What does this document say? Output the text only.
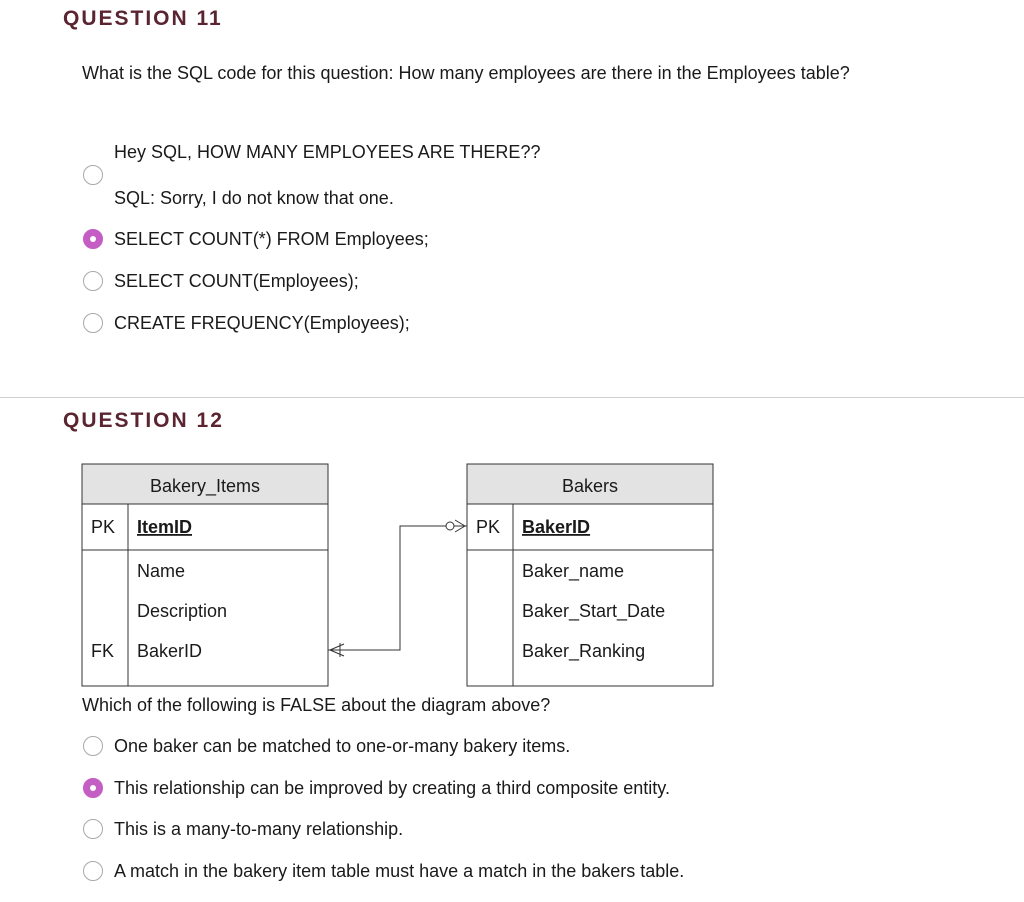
QUESTION 11
What is the SQL code for this question: How many employees are there in the Employees table?
Hey SQL, HOW MANY EMPLOYEES ARE THERE??
SQL: Sorry, I do not know that one.
SELECT COUNT(*) FROM Employees;
SELECT COUNT(Employees);
CREATE FREQUENCY(Employees);
QUESTION 12
Bakery_Items
PK ItemID
Name
Description
FK BakerID
Bakers
PK BakerID
Baker_name
Baker_Start_Date
Baker_Ranking
Which of the following is FALSE about the diagram above?
One baker can be matched to one-or-many bakery items.
This relationship can be improved by creating a third composite entity.
This is a many-to-many relationship.
A match in the bakery item table must have a match in the bakers table.
